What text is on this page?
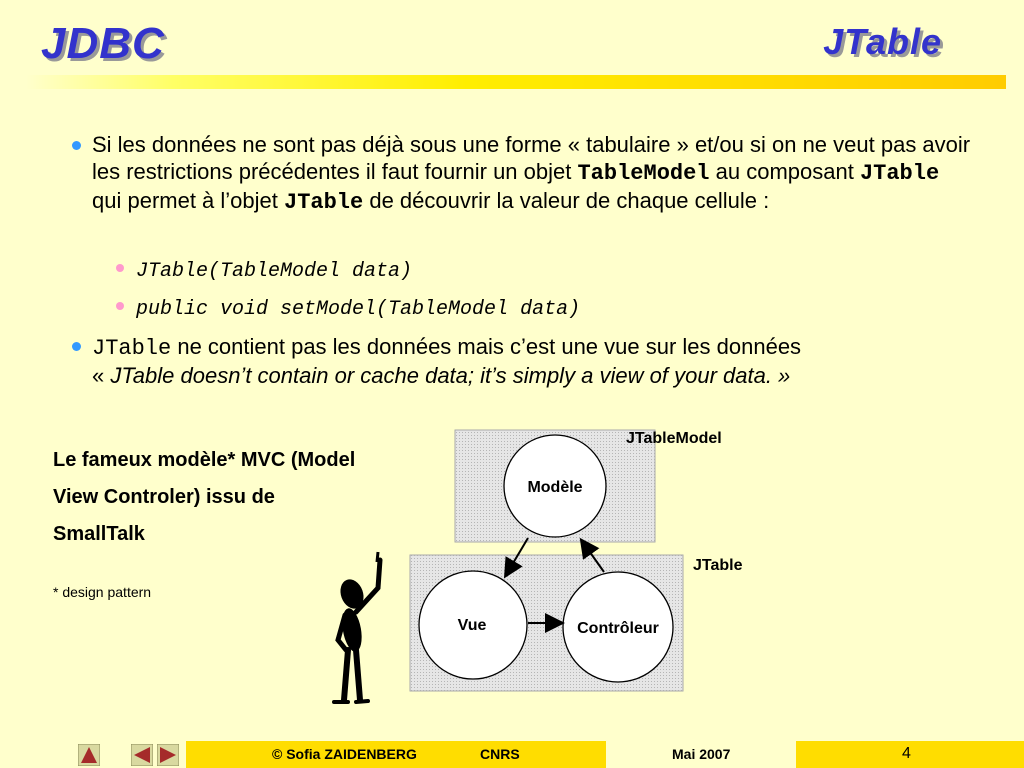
JDBC	JTable
Si les données ne sont pas déjà sous une forme « tabulaire » et/ou si on ne veut pas avoir les restrictions précédentes il faut fournir un objet TableModel au composant JTable qui permet à l’objet JTable de découvrir la valeur de chaque cellule :
JTable(TableModel data)
public void setModel(TableModel data)
JTable ne contient pas les données mais c’est une vue sur les données
« JTable doesn’t contain or cache data; it’s simply a view of your data. »
Le fameux modèle* MVC (Model
View Controler) issu de
SmallTalk
* design pattern
Modèle
Vue	Contrôleur
JTableModel
JTable
© Sofia ZAIDENBERG	CNRS	Mai 2007	4
